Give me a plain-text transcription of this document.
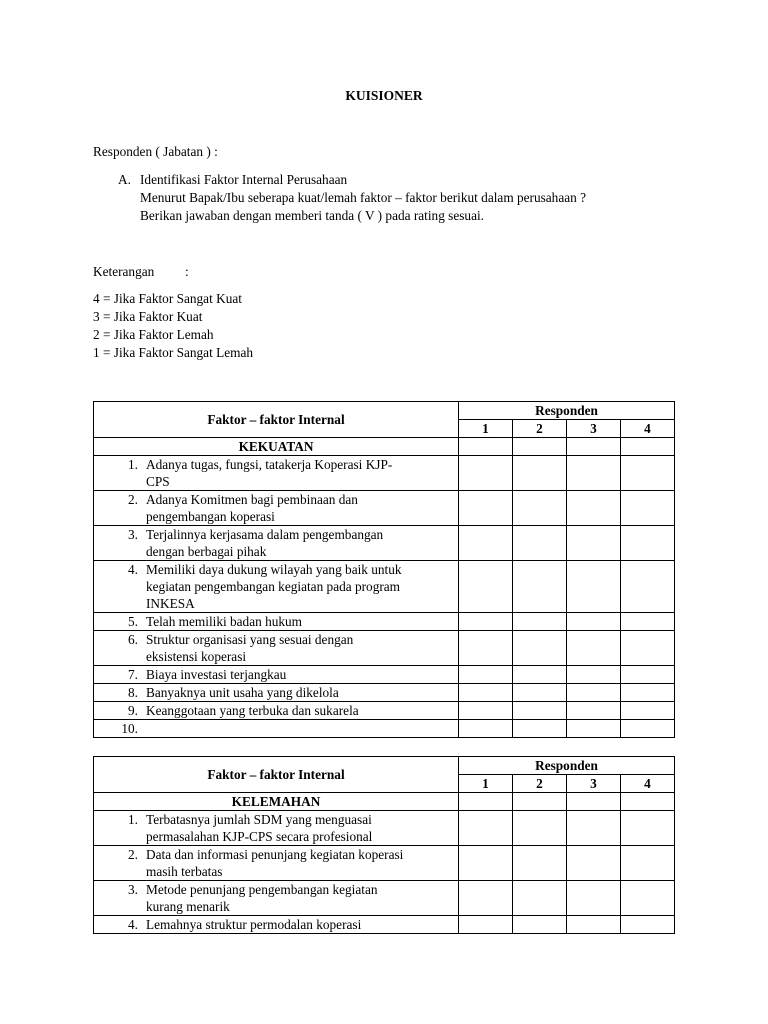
KUISIONER
Responden ( Jabatan ) :
A. Identifikasi Faktor Internal Perusahaan
Menurut Bapak/Ibu seberapa kuat/lemah faktor – faktor berikut dalam perusahaan ?
Berikan jawaban dengan memberi tanda ( V ) pada rating sesuai.
Keterangan :
4 = Jika Faktor Sangat Kuat
3 = Jika Faktor Kuat
2 = Jika Faktor Lemah
1 = Jika Faktor Sangat Lemah
Faktor – faktor Internal	Responden			
	1	2	3	4
KEKUATAN				

1. Adanya tugas, fungsi, tatakerja Koperasi KJP-
CPS				

2. Adanya Komitmen bagi pembinaan dan
pengembangan koperasi				

3. Terjalinnya kerjasama dalam pengembangan
dengan berbagai pihak				

4. Memiliki daya dukung wilayah yang baik untuk
kegiatan pengembangan kegiatan pada program
INKESA				

5. Telah memiliki badan hukum				

6. Struktur organisasi yang sesuai dengan
eksistensi koperasi				

7. Biaya investasi terjangkau				

8. Banyaknya unit usaha yang dikelola				

9. Keanggotaan yang terbuka dan sukarela				

10.				

Faktor – faktor Internal	Responden			
	1	2	3	4
KELEMAHAN				

1. Terbatasnya jumlah SDM yang menguasai
permasalahan KJP-CPS secara profesional				

2. Data dan informasi penunjang kegiatan koperasi
masih terbatas				

3. Metode penunjang pengembangan kegiatan
kurang menarik				

4. Lemahnya struktur permodalan koperasi				
